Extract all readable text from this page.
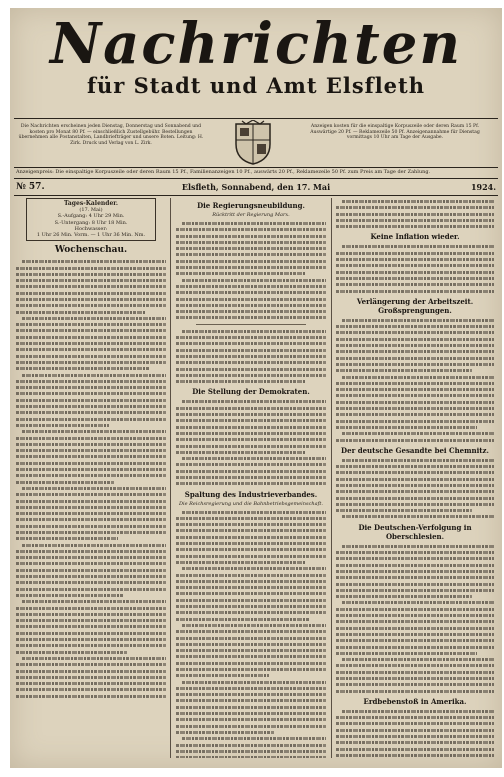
Nachrichten
für Stadt und Amt Elsfleth
Die Nachrichten erscheinen jeden Dienstag, Donnerstag und Sonnabend und kosten pro Monat 80 Pf. — einschließlich Zustellgebühr. Bestellungen übernehmen alle Postanstalten, Landbriefträger und unsere Boten. Leitung: H. Zirk. Druck und Verlag von L. Zirk.
Anzeigen kosten für die einspaltige Korpuszeile oder deren Raum 15 Pf. Auswärtige 20 Pf. — Reklamezeile 50 Pf. Anzeigenannahme für Dienstag vormittags 10 Uhr am Tage der Ausgabe.
Anzeigenpreis: Die einspaltige Korpuszeile oder deren Raum 15 Pf., Familienanzeigen 10 Pf., auswärts 20 Pf., Reklamezeile 50 Pf. zum Preis am Tage der Zahlung.
№ 57.	Elsfleth, Sonnabend, den 17. Mai	1924.
Tages-Kalender.
(17. Mai)
S.-Aufgang: 4 Uhr 29 Min.
S.-Untergang: 8 Uhr 18 Min.
Hochwasser:
1 Uhr 26 Min. Vorm. — 1 Uhr 36 Min. Nm.
Wochenschau.
Die Regierungsneubildung.
Rücktritt der Regierung Marx.
Die Stellung der Demokraten.
Spaltung des Industrieverbandes.
Die Reichsregierung und die Bahnbetriebsgemeinschaft.
Keine Inflation wieder.
Verlängerung der Arbeitszeit. Großsprengungen.
Der deutsche Gesandte bei Chemnitz.
Die Deutschen-Verfolgung in Oberschlesien.
Erdbebenstoß in Amerika.
